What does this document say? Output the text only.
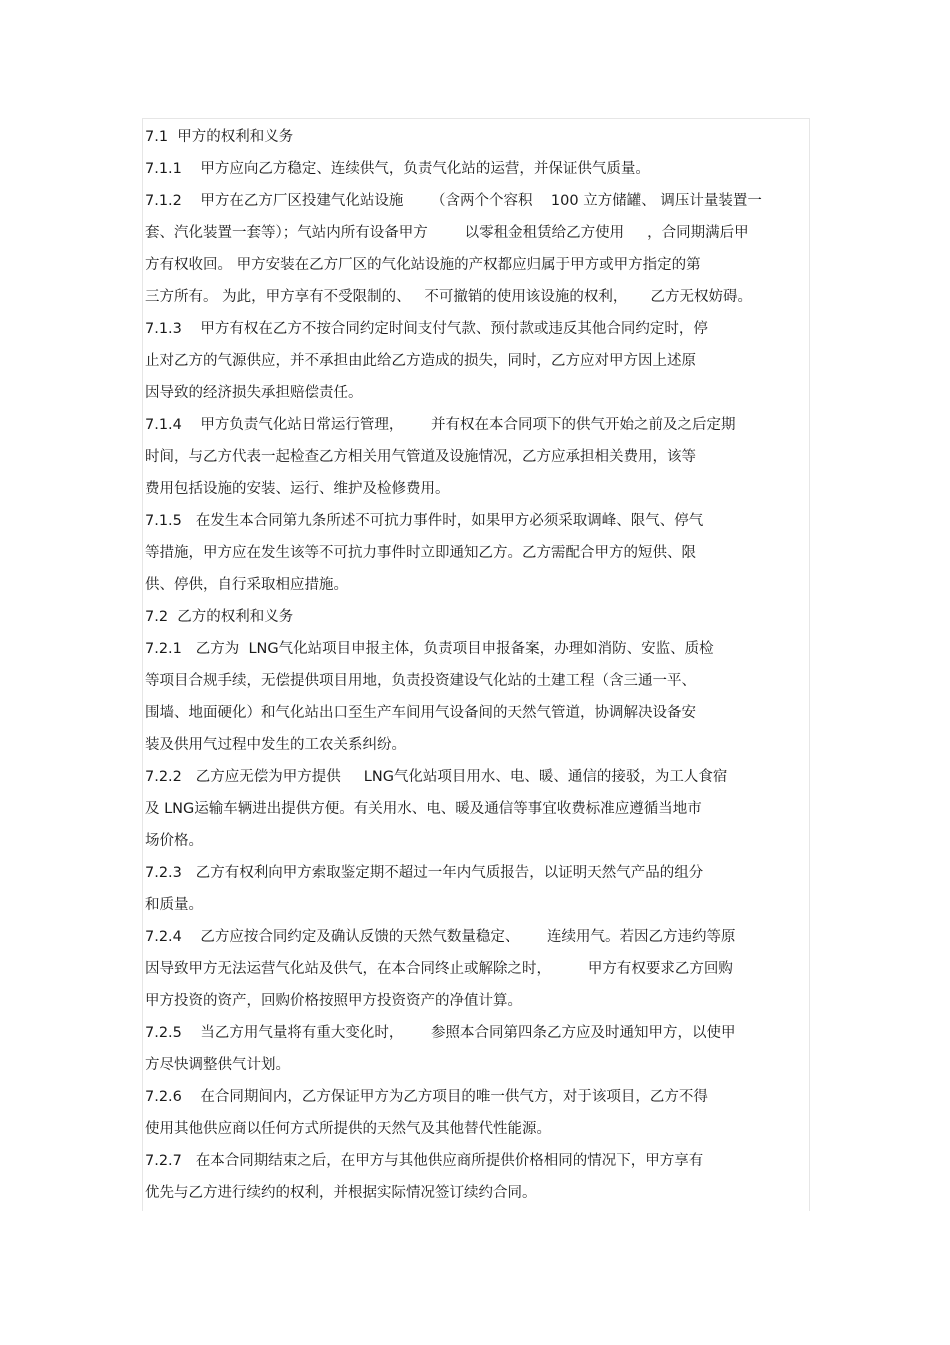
7.1  甲方的权利和义务
7.1.1    甲方应向乙方稳定、连续供气，负责气化站的运营，并保证供气质量。
7.1.2    甲方在乙方厂区投建气化站设施      （含两个个容积    100 立方储罐、 调压计量装置一
套、汽化装置一套等）；气站内所有设备甲方        以零租金租赁给乙方使用     ，合同期满后甲
方有权收回。 甲方安装在乙方厂区的气化站设施的产权都应归属于甲方或甲方指定的第
三方所有。 为此，甲方享有不受限制的、   不可撤销的使用该设施的权利，     乙方无权妨碍。
7.1.3    甲方有权在乙方不按合同约定时间支付气款、预付款或违反其他合同约定时，停
止对乙方的气源供应，并不承担由此给乙方造成的损失，同时，乙方应对甲方因上述原
因导致的经济损失承担赔偿责任。
7.1.4    甲方负责气化站日常运行管理，      并有权在本合同项下的供气开始之前及之后定期
时间，与乙方代表一起检查乙方相关用气管道及设施情况，乙方应承担相关费用，该等
费用包括设施的安装、运行、维护及检修费用。
7.1.5   在发生本合同第九条所述不可抗力事件时，如果甲方必须采取调峰、限气、停气
等措施，甲方应在发生该等不可抗力事件时立即通知乙方。乙方需配合甲方的短供、限
供、停供，自行采取相应措施。
7.2  乙方的权利和义务
7.2.1   乙方为  LNG气化站项目申报主体，负责项目申报备案，办理如消防、安监、质检
等项目合规手续，无偿提供项目用地，负责投资建设气化站的土建工程（含三通一平、
围墙、地面硬化）和气化站出口至生产车间用气设备间的天然气管道，协调解决设备安
装及供用气过程中发生的工农关系纠纷。
7.2.2   乙方应无偿为甲方提供     LNG气化站项目用水、电、暖、通信的接驳，为工人食宿
及 LNG运输车辆进出提供方便。有关用水、电、暖及通信等事宜收费标准应遵循当地市
场价格。
7.2.3   乙方有权利向甲方索取鉴定期不超过一年内气质报告，以证明天然气产品的组分
和质量。
7.2.4    乙方应按合同约定及确认反馈的天然气数量稳定、      连续用气。若因乙方违约等原
因导致甲方无法运营气化站及供气，在本合同终止或解除之时，        甲方有权要求乙方回购
甲方投资的资产，回购价格按照甲方投资资产的净值计算。
7.2.5    当乙方用气量将有重大变化时，      参照本合同第四条乙方应及时通知甲方，以使甲
方尽快调整供气计划。
7.2.6    在合同期间内，乙方保证甲方为乙方项目的唯一供气方，对于该项目，乙方不得
使用其他供应商以任何方式所提供的天然气及其他替代性能源。
7.2.7   在本合同期结束之后，在甲方与其他供应商所提供价格相同的情况下，甲方享有
优先与乙方进行续约的权利，并根据实际情况签订续约合同。
